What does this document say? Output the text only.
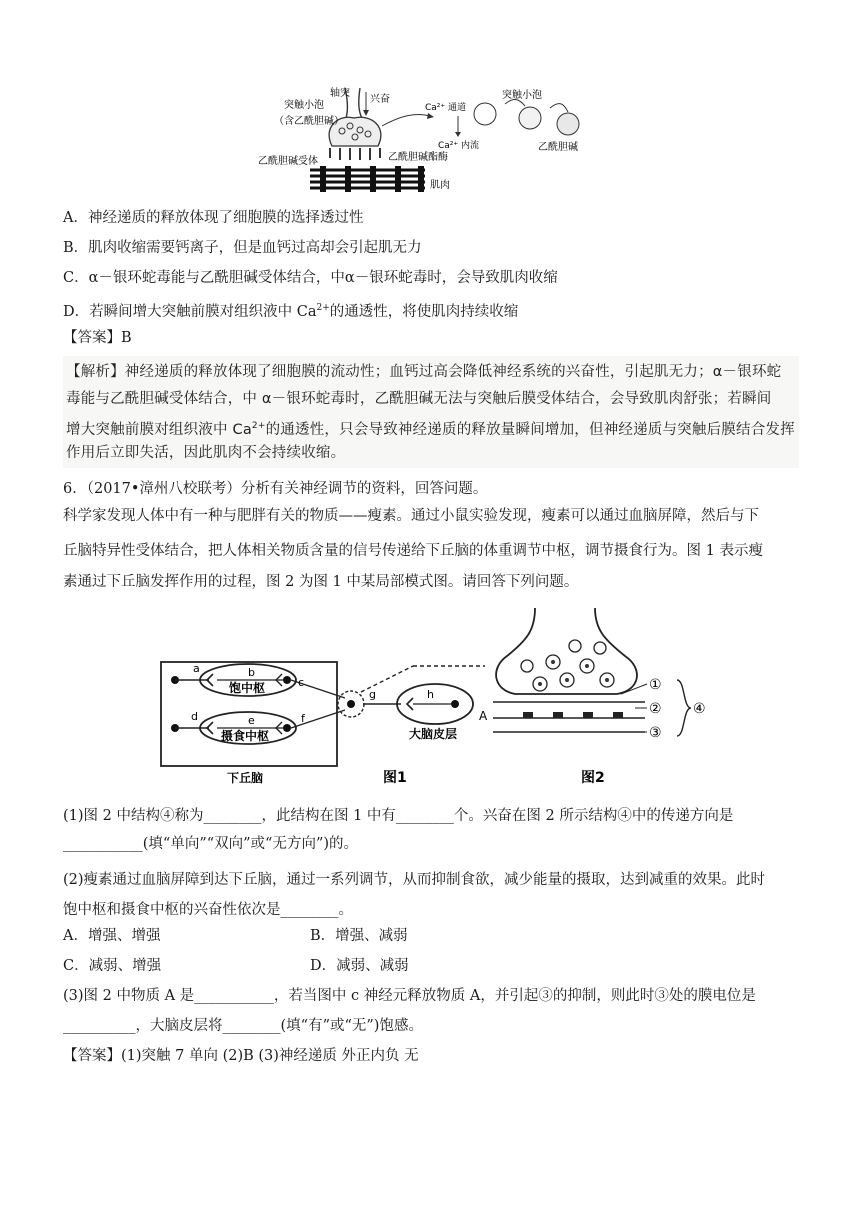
轴突
兴奋
突触小泡
（含乙酰胆碱）
乙酰胆碱受体	乙酰胆碱酯酶
肌肉
Ca²⁺ 通道
Ca²⁺ 内流
突触小泡
乙酰胆碱
A．神经递质的释放体现了细胞膜的选择透过性
B．肌肉收缩需要钙离子，但是血钙过高却会引起肌无力
C．α－银环蛇毒能与乙酰胆碱受体结合，中α－银环蛇毒时，会导致肌肉收缩
D．若瞬间增大突触前膜对组织液中 $Ca^{2+}$的通透性，将使肌肉持续收缩
【答案】B
【解析】神经递质的释放体现了细胞膜的流动性；血钙过高会降低神经系统的兴奋性，引起肌无力；α－银环蛇
毒能与乙酰胆碱受体结合，中 α－银环蛇毒时，乙酰胆碱无法与突触后膜受体结合，会导致肌肉舒张；若瞬间
增大突触前膜对组织液中 $Ca^{2+}$的通透性，只会导致神经递质的释放量瞬间增加，但神经递质与突触后膜结合发挥
作用后立即失活，因此肌肉不会持续收缩。
6．（2017•漳州八校联考）分析有关神经调节的资料，回答问题。
科学家发现人体中有一种与肥胖有关的物质——瘦素。通过小鼠实验发现，瘦素可以通过血脑屏障，然后与下
丘脑特异性受体结合，把人体相关物质含量的信号传递给下丘脑的体重调节中枢，调节摄食行为。图 1 表示瘦
素通过下丘脑发挥作用的过程，图 2 为图 1 中某局部模式图。请回答下列问题。
a	b
c
d	e	f
g	h
饱中枢
摄食中枢
下丘脑
大脑皮层
图1	图2
A
①
②
③
④
(1)图 2 中结构④称为________，此结构在图 1 中有________个。兴奋在图 2 所示结构④中的传递方向是
___________(填“单向”“双向”或“无方向”)的。
(2)瘦素通过血脑屏障到达下丘脑，通过一系列调节，从而抑制食欲，减少能量的摄取，达到减重的效果。此时
饱中枢和摄食中枢的兴奋性依次是________。
A．增强、增强	B．增强、减弱
C．减弱、增强	D．减弱、减弱
(3)图 2 中物质 A 是___________，若当图中 c 神经元释放物质 A，并引起③的抑制，则此时③处的膜电位是
__________，大脑皮层将________(填“有”或“无”)饱感。
【答案】(1)突触 7 单向 (2)B (3)神经递质 外正内负 无
